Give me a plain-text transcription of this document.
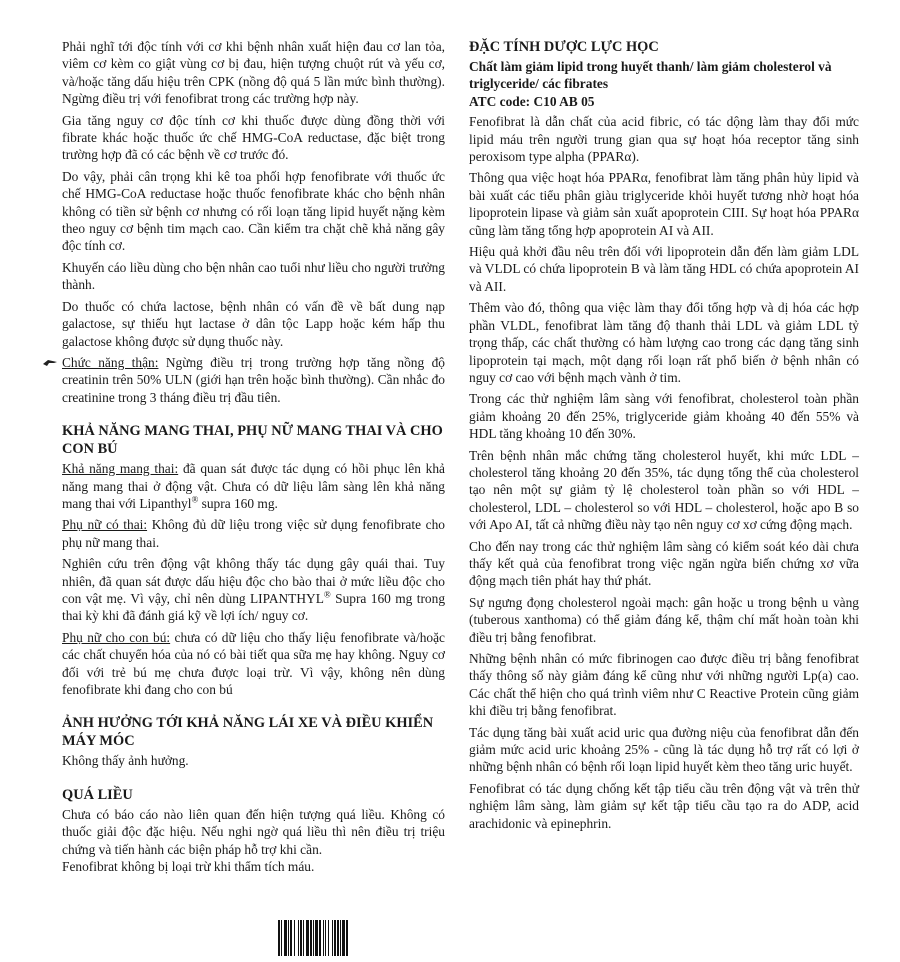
Phải nghĩ tới độc tính với cơ khi bệnh nhân xuất hiện đau cơ lan tỏa, viêm cơ kèm co giật vùng cơ bị đau, hiện tượng chuột rút và yếu cơ, và/hoặc tăng dấu hiệu trên CPK (nồng độ quá 5 lần mức bình thường). Ngừng điều trị với fenofibrat trong các trường hợp này.

Gia tăng nguy cơ độc tính cơ khi thuốc được dùng đồng thời với fibrate khác hoặc thuốc ức chế HMG-CoA reductase, đặc biệt trong trường hợp đã có các bệnh về cơ trước đó.

Do vậy, phải cân trọng khi kê toa phối hợp fenofibrate với thuốc ức chế HMG-CoA reductase hoặc thuốc fenofibrate khác cho bệnh nhân không có tiền sử bệnh cơ nhưng có rối loạn tăng lipid huyết nặng kèm theo nguy cơ bệnh tim mạch cao. Cần kiểm tra chặt chẽ khả năng gây độc tính cơ.

Khuyến cáo liều dùng cho bện nhân cao tuổi như liều cho người trưởng thành.

Do thuốc có chứa lactose, bệnh nhân có vấn đề về bất dung nạp galactose, sự thiếu hụt lactase ở dân tộc Lapp hoặc kém hấp thu galactose không được sử dụng thuốc này.

Chức năng thận: Ngừng điều trị trong trường hợp tăng nồng độ creatinin trên 50% ULN (giới hạn trên hoặc bình thường). Cần nhắc đo creatinine trong 3 tháng điều trị đầu tiên.

KHẢ NĂNG MANG THAI, PHỤ NỮ MANG THAI VÀ CHO CON BÚ

Khả năng mang thai: đã quan sát được tác dụng có hồi phục lên khả năng mang thai ở động vật. Chưa có dữ liệu lâm sàng lên khả năng mang thai với Lipanthyl® supra 160 mg.

Phụ nữ có thai: Không đủ dữ liệu trong việc sử dụng fenofibrate cho phụ nữ mang thai.

Nghiên cứu trên động vật không thấy tác dụng gây quái thai. Tuy nhiên, đã quan sát được dấu hiệu độc cho bào thai ở mức liều độc cho con vật mẹ. Vì vậy, chỉ nên dùng LIPANTHYL® Supra 160 mg trong thai kỳ khi đã đánh giá kỹ về lợi ích/ nguy cơ.

Phụ nữ cho con bú: chưa có dữ liệu cho thấy liệu fenofibrate và/hoặc các chất chuyển hóa của nó có bài tiết qua sữa mẹ hay không. Nguy cơ đối với trẻ bú mẹ chưa được loại trừ. Vì vậy, không nên dùng fenofibrate khi đang cho con bú

ẢNH HƯỞNG TỚI KHẢ NĂNG LÁI XE VÀ ĐIỀU KHIỂN MÁY MÓC

Không thấy ảnh hưởng.

QUÁ LIỀU

Chưa có báo cáo nào liên quan đến hiện tượng quá liều. Không có thuốc giải độc đặc hiệu. Nếu nghi ngờ quá liều thì nên điều trị triệu chứng và tiến hành các biện pháp hỗ trợ khi cần.

Fenofibrat không bị loại trừ khi thẩm tích máu.

ĐẶC TÍNH DƯỢC LỰC HỌC
Chất làm giảm lipid trong huyết thanh/ làm giảm cholesterol và triglyceride/ các fibrates
ATC code: C10 AB 05

Fenofibrat là dẫn chất của acid fibric, có tác dộng làm thay đổi mức lipid máu trên người trung gian qua sự hoạt hóa receptor tăng sinh peroxisom type alpha (PPARα).

Thông qua việc hoạt hóa PPARα, fenofibrat làm tăng phân hủy lipid và bài xuất các tiểu phân giàu triglyceride khỏi huyết tương nhờ hoạt hóa lipoprotein lipase và giảm sản xuất apoprotein CIII. Sự hoạt hóa PPARα cũng làm tăng tổng hợp apoprotein AI và AII.

Hiệu quả khởi đầu nêu trên đối với lipoprotein dẫn đến làm giảm LDL và VLDL có chứa lipoprotein B và làm tăng HDL có chứa apoprotein AI và AII.

Thêm vào đó, thông qua việc làm thay đổi tổng hợp và dị hóa các hợp phần VLDL, fenofibrat làm tăng độ thanh thải LDL và giảm LDL tỷ trọng thấp, các chất thường có hàm lượng cao trong các dạng tăng sinh lipoprotein tại mạch, một dạng rối loạn rất phổ biến ở bệnh nhân có nguy cơ cao với bệnh mạch vành ở tim.

Trong các thử nghiệm lâm sàng với fenofibrat, cholesterol toàn phần giảm khoảng 20 đến 25%, triglyceride giảm khoảng 40 đến 55% và HDL tăng khoảng 10 đến 30%.

Trên bệnh nhân mắc chứng tăng cholesterol huyết, khi mức LDL – cholesterol tăng khoảng 20 đến 35%, tác dụng tổng thể của cholesterol tạo nên một sự giảm tỷ lệ cholesterol toàn phần so với HDL – cholesterol, LDL – cholesterol so với HDL – cholesterol, hoặc apo B so với Apo AI, tất cả những điều này tạo nên nguy cơ xơ cứng động mạch.

Cho đến nay trong các thử nghiệm lâm sàng có kiểm soát kéo dài chưa thấy kết quả của fenofibrat trong việc ngăn ngừa biến chứng xơ vữa động mạch tiên phát hay thứ phát.

Sự ngưng đọng cholesterol ngoài mạch: gân hoặc u trong bệnh u vàng (tuberous xanthoma) có thể giảm đáng kể, thậm chí mất hoàn toàn khi điều trị bằng fenofibrat.

Những bệnh nhân có mức fibrinogen cao được điều trị bằng fenofibrat thấy thông số này giảm đáng kể cũng như với những người Lp(a) cao. Các chất thể hiện cho quá trình viêm như C Reactive Protein cũng giảm khi điều trị bằng fenofibrat.

Tác dụng tăng bài xuất acid uric qua đường niệu của fenofibrat dẫn đến giảm mức acid uric khoảng 25% - cũng là tác dụng hỗ trợ rất có lợi ở những bệnh nhân có bệnh rối loạn lipid huyết kèm theo tăng uric huyết.

Fenofibrat có tác dụng chống kết tập tiểu cầu trên động vật và trên thử nghiệm lâm sàng, làm giảm sự kết tập tiểu cầu tạo ra do ADP, acid arachidonic và epinephrin.
